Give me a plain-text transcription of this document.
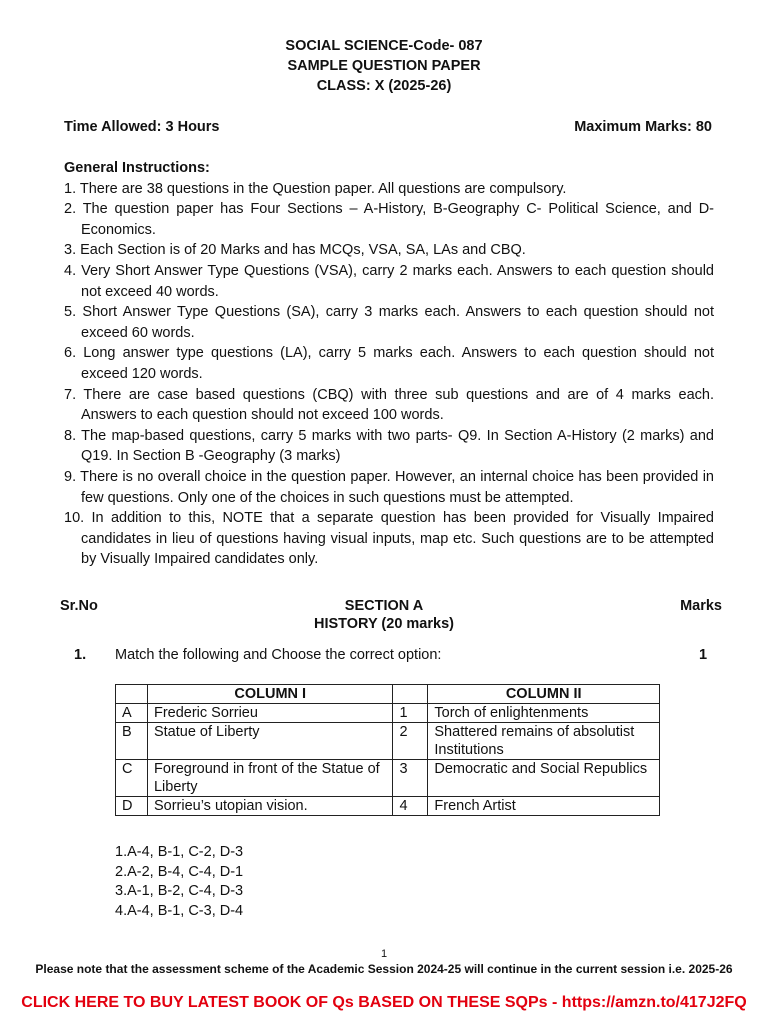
SOCIAL SCIENCE-Code- 087
SAMPLE QUESTION PAPER
CLASS: X (2025-26)
Time Allowed: 3 Hours	Maximum Marks: 80
General Instructions:
1. There are 38 questions in the Question paper. All questions are compulsory.
2. The question paper has Four Sections – A-History, B-Geography C- Political Science, and D-Economics.
3. Each Section is of 20 Marks and has MCQs, VSA, SA, LAs and CBQ.
4. Very Short Answer Type Questions (VSA), carry 2 marks each. Answers to each question should not exceed 40 words.
5. Short Answer Type Questions (SA), carry 3 marks each. Answers to each question should not exceed 60 words.
6. Long answer type questions (LA), carry 5 marks each. Answers to each question should not exceed 120 words.
7. There are case based questions (CBQ) with three sub questions and are of 4 marks each. Answers to each question should not exceed 100 words.
8. The map-based questions, carry 5 marks with two parts- Q9. In Section A-History (2 marks) and Q19. In Section B -Geography (3 marks)
9. There is no overall choice in the question paper. However, an internal choice has been provided in few questions. Only one of the choices in such questions must be attempted.
10. In addition to this, NOTE that a separate question has been provided for Visually Impaired candidates in lieu of questions having visual inputs, map etc. Such questions are to be attempted by Visually Impaired candidates only.
Sr.No	SECTION A
HISTORY (20 marks)
Marks
1. Match the following and Choose the correct option:	1
	COLUMN I		COLUMN II
A	Frederic Sorrieu	1	Torch of enlightenments
B	Statue of Liberty	2	Shattered remains of absolutist Institutions
C	Foreground in front of the Statue of Liberty	3	Democratic and Social Republics
D	Sorrieu’s utopian vision.	4	French Artist
1.A-4, B-1, C-2, D-3
2.A-2, B-4, C-4, D-1
3.A-1, B-2, C-4, D-3
4.A-4, B-1, C-3, D-4
1
Please note that the assessment scheme of the Academic Session 2024-25 will continue in the current session i.e. 2025-26
CLICK HERE TO BUY LATEST BOOK OF Qs BASED ON THESE SQPs - https://amzn.to/417J2FQ
